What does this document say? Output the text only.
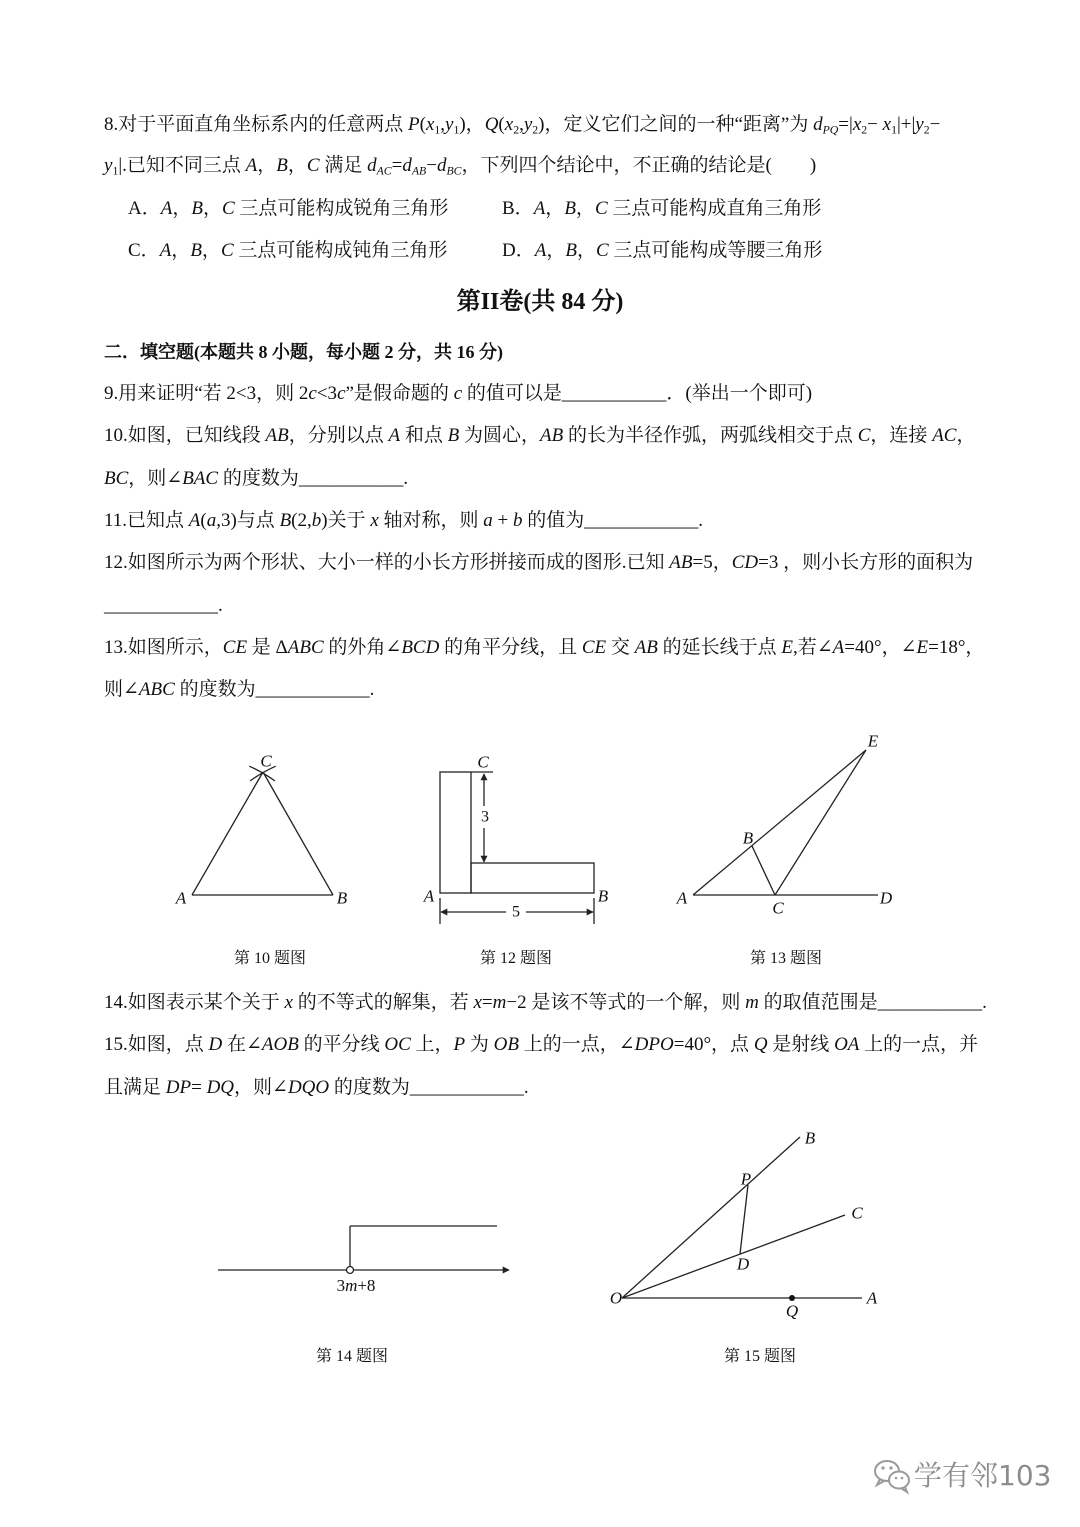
8.对于平面直角坐标系内的任意两点 $P(x_1,y_1)$，$Q(x_2,y_2)$，定义它们之间的一种“距离”为 $d_{PQ}=|x_2- x_1|+|y_2-$
$y_1|$.已知不同三点 A，B，C 满足 $d_{AC}=d_{AB}-d_{BC}$，下列四个结论中，不正确的结论是(　　)
A．A，B，C 三点可能构成锐角三角形	B．A，B，C 三点可能构成直角三角形
C．A，B，C 三点可能构成钝角三角形	D．A，B，C 三点可能构成等腰三角形
第II卷(共 84 分)
二．填空题(本题共 8 小题，每小题 2 分，共 16 分)
9.用来证明“若 2<3，则 2c<3c”是假命题的 c 的值可以是___________．(举出一个即可)
10.如图，已知线段 AB，分别以点 A 和点 B 为圆心，AB 的长为半径作弧，两弧线相交于点 C，连接 AC，
BC，则∠BAC 的度数为___________.
11.已知点 A(a,3)与点 B(2,b)关于 x 轴对称，则 a + b 的值为____________.
12.如图所示为两个形状、大小一样的小长方形拼接而成的图形.已知 AB=5，CD=3 ，则小长方形的面积为
____________.
13.如图所示，CE 是 ΔABC 的外角∠BCD 的角平分线，且 CE 交 AB 的延长线于点 E,若∠A=40°，∠E=18°，
则∠ABC 的度数为____________.
第 10 题图	第 12 题图	第 13 题图
14.如图表示某个关于 x 的不等式的解集，若 x=m−2 是该不等式的一个解，则 m 的取值范围是___________.
15.如图，点 D 在∠AOB 的平分线 OC 上，P 为 OB 上的一点，∠DPO=40°，点 Q 是射线 OA 上的一点，并
且满足 DP= DQ，则∠DQO 的度数为____________.
第 14 题图	第 15 题图
C
A	B
C
3
A	B
5
E
B
A
C
D
3m+8
B
P
C
D
O
Q
A
学有邻103
